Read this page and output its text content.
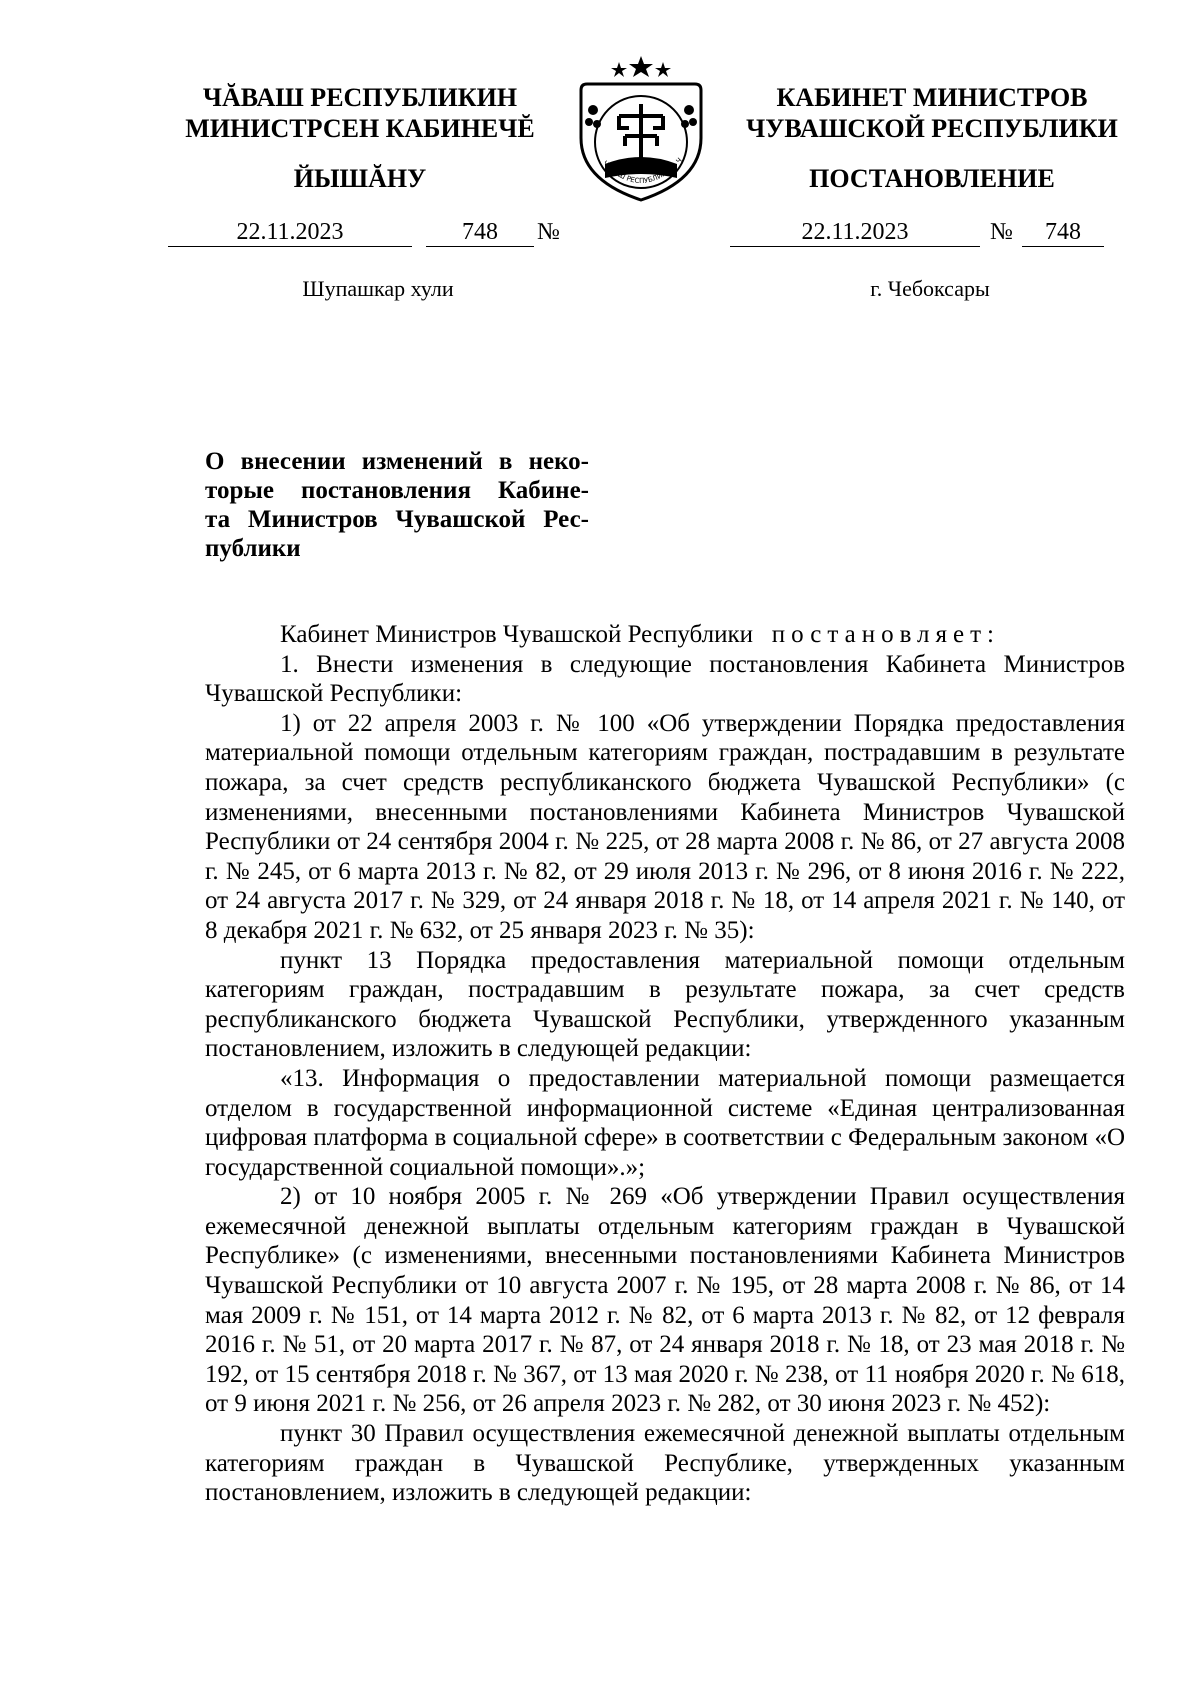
ЧĂВАШ РЕСПУБЛИКИН
МИНИСТРСЕН КАБИНЕЧĔ
ЙЫШĂНУ
ЧĂВАШ РЕСПУБЛИКИ ✦ Ч
КАБИНЕТ МИНИСТРОВ
ЧУВАШСКОЙ РЕСПУБЛИКИ
ПОСТАНОВЛЕНИЕ
22.11.2023	748	№	22.11.2023	№	748
Шупашкар хули	г. Чебоксары
О внесении изменений в неко-
торые постановления Кабине-
та Министров Чувашской Рес-
публики

Кабинет Министров Чувашской Республики постановляет:

1. Внести изменения в следующие постановления Кабинета Министров Чувашской Республики:

1) от 22 апреля 2003 г. № 100 «Об утверждении Порядка предоставления материальной помощи отдельным категориям граждан, пострадавшим в результате пожара, за счет средств республиканского бюджета Чувашской Республики» (с изменениями, внесенными постановлениями Кабинета Министров Чувашской Республики от 24 сентября 2004 г. № 225, от 28 марта 2008 г. № 86, от 27 августа 2008 г. № 245, от 6 марта 2013 г. № 82, от 29 июля 2013 г. № 296, от 8 июня 2016 г. № 222, от 24 августа 2017 г. № 329, от 24 января 2018 г. № 18, от 14 апреля 2021 г. № 140, от 8 декабря 2021 г. № 632, от 25 января 2023 г. № 35):

пункт 13 Порядка предоставления материальной помощи отдельным категориям граждан, пострадавшим в результате пожара, за счет средств республиканского бюджета Чувашской Республики, утвержденного указанным постановлением, изложить в следующей редакции:

«13. Информация о предоставлении материальной помощи размещается отделом в государственной информационной системе «Единая централизованная цифровая платформа в социальной сфере» в соответствии с Федеральным законом «О государственной социальной помощи».»;

2) от 10 ноября 2005 г. № 269 «Об утверждении Правил осуществления ежемесячной денежной выплаты отдельным категориям граждан в Чувашской Республике» (с изменениями, внесенными постановлениями Кабинета Министров Чувашской Республики от 10 августа 2007 г. № 195, от 28 марта 2008 г. № 86, от 14 мая 2009 г. № 151, от 14 марта 2012 г. № 82, от 6 марта 2013 г. № 82, от 12 февраля 2016 г. № 51, от 20 марта 2017 г. № 87, от 24 января 2018 г. № 18, от 23 мая 2018 г. № 192, от 15 сентября 2018 г. № 367, от 13 мая 2020 г. № 238, от 11 ноября 2020 г. № 618, от 9 июня 2021 г. № 256, от 26 апреля 2023 г. № 282, от 30 июня 2023 г. № 452):

пункт 30 Правил осуществления ежемесячной денежной выплаты отдельным категориям граждан в Чувашской Республике, утвержденных указанным постановлением, изложить в следующей редакции:
